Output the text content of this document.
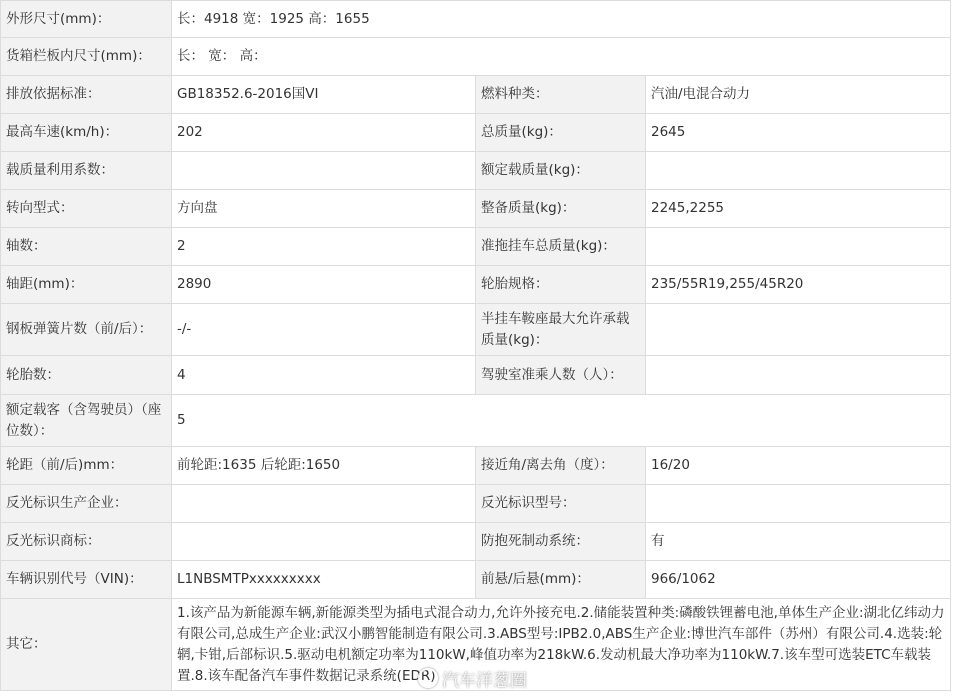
外形尺寸(mm)：	长：4918 宽：1925 高：1655		
货箱栏板内尺寸(mm)：	长： 宽： 高：		
排放依据标准：	GB18352.6-2016国VI	燃料种类：	汽油/电混合动力
最高车速(km/h)：	202	总质量(kg)：	2645
载质量利用系数：		额定载质量(kg)：	
转向型式：	方向盘	整备质量(kg)：	2245,2255
轴数：	2	准拖挂车总质量(kg)：	
轴距(mm)：	2890	轮胎规格：	235/55R19,255/45R20
钢板弹簧片数（前/后）：	-/-	半挂车鞍座最大允许承载质量(kg)：	
轮胎数：	4	驾驶室准乘人数（人）：	
额定载客（含驾驶员）（座位数）：	5		
轮距（前/后)mm：	前轮距:1635 后轮距:1650	接近角/离去角（度）：	16/20
反光标识生产企业：		反光标识型号：	
反光标识商标：		防抱死制动系统：	有
车辆识别代号（VIN)：	L1NBSMTPxxxxxxxxx	前悬/后悬(mm)：	966/1062
其它：	1.该产品为新能源车辆,新能源类型为插电式混合动力,允许外接充电.2.储能装置种类:磷酸铁锂蓄电池,单体生产企业:湖北亿纬动力有限公司,总成生产企业:武汉小鹏智能制造有限公司.3.ABS型号:IPB2.0,ABS生产企业:博世汽车部件（苏州）有限公司.4.选装:轮辋,卡钳,后部标识.5.驱动电机额定功率为110kW,峰值功率为218kW.6.发动机最大净功率为110kW.7.该车型可选装ETC车载装置.8.该车配备汽车事件数据记录系统(EDR)		汽车洋葱圈
